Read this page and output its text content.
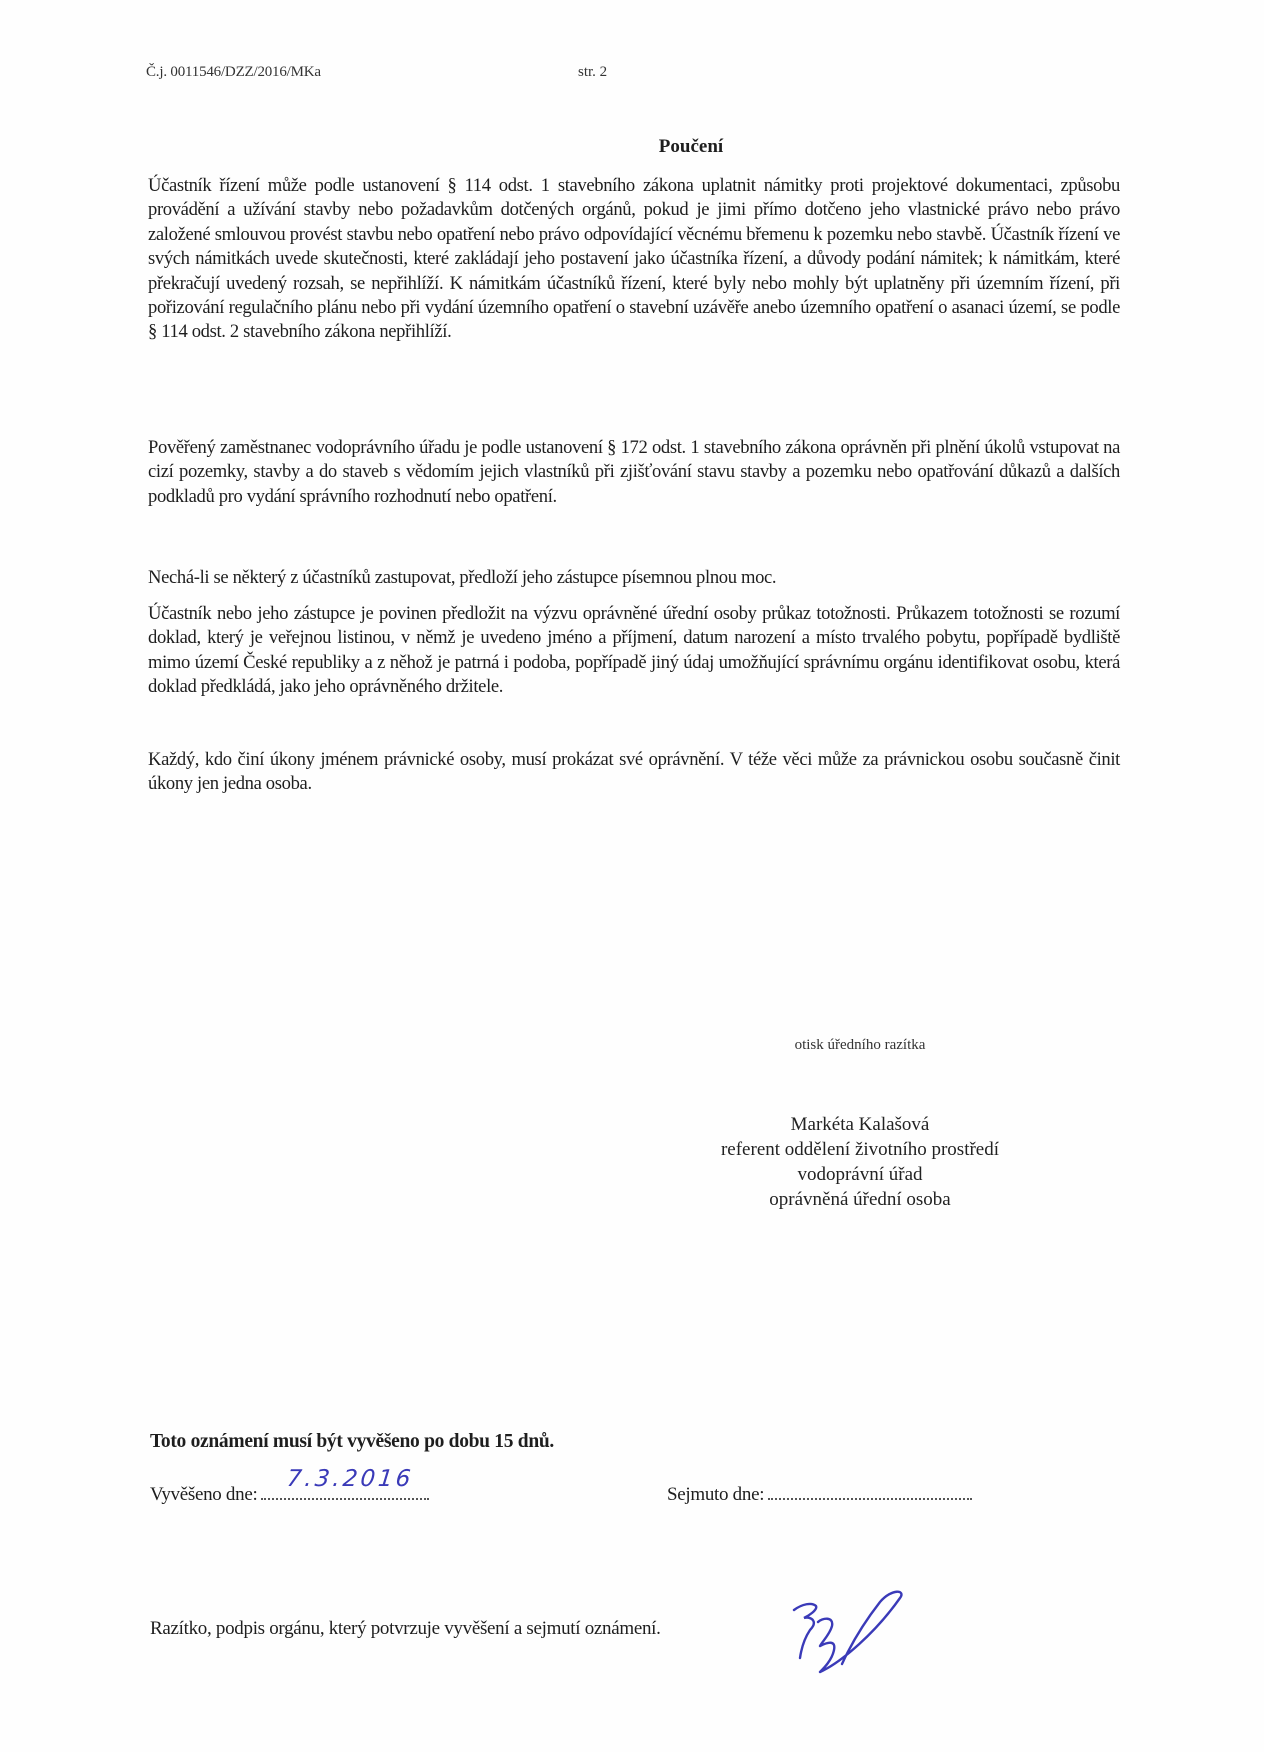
Č.j. 0011546/DZZ/2016/MKa	str. 2
Poučení

Účastník řízení může podle ustanovení § 114 odst. 1 stavebního zákona uplatnit námitky proti projektové dokumentaci, způsobu provádění a užívání stavby nebo požadavkům dotčených orgánů, pokud je jimi přímo dotčeno jeho vlastnické právo nebo právo založené smlouvou provést stavbu nebo opatření nebo právo odpovídající věcnému břemenu k pozemku nebo stavbě. Účastník řízení ve svých námitkách uvede skutečnosti, které zakládají jeho postavení jako účastníka řízení, a důvody podání námitek; k námitkám, které překračují uvedený rozsah, se nepřihlíží. K námitkám účastníků řízení, které byly nebo mohly být uplatněny při územním řízení, při pořizování regulačního plánu nebo při vydání územního opatření o stavební uzávěře anebo územního opatření o asanaci území, se podle § 114 odst. 2 stavebního zákona nepřihlíží.

Pověřený zaměstnanec vodoprávního úřadu je podle ustanovení § 172 odst. 1 stavebního zákona oprávněn při plnění úkolů vstupovat na cizí pozemky, stavby a do staveb s vědomím jejich vlastníků při zjišťování stavu stavby a pozemku nebo opatřování důkazů a dalších podkladů pro vydání správního rozhodnutí nebo opatření.

Nechá-li se některý z účastníků zastupovat, předloží jeho zástupce písemnou plnou moc.

Účastník nebo jeho zástupce je povinen předložit na výzvu oprávněné úřední osoby průkaz totožnosti. Průkazem totožnosti se rozumí doklad, který je veřejnou listinou, v němž je uvedeno jméno a příjmení, datum narození a místo trvalého pobytu, popřípadě bydliště mimo území České republiky a z něhož je patrná i podoba, popřípadě jiný údaj umožňující správnímu orgánu identifikovat osobu, která doklad předkládá, jako jeho oprávněného držitele.

Každý, kdo činí úkony jménem právnické osoby, musí prokázat své oprávnění. V téže věci může za právnickou osobu současně činit úkony jen jedna osoba.

otisk úředního razítka
Markéta Kalašová
referent oddělení životního prostředí
vodoprávní úřad
oprávněná úřední osoba
Toto oznámení musí být vyvěšeno po dobu 15 dnů.
Vyvěšeno dne:	Sejmuto dne:
7.3.2016
Razítko, podpis orgánu, který potvrzuje vyvěšení a sejmutí oznámení.
